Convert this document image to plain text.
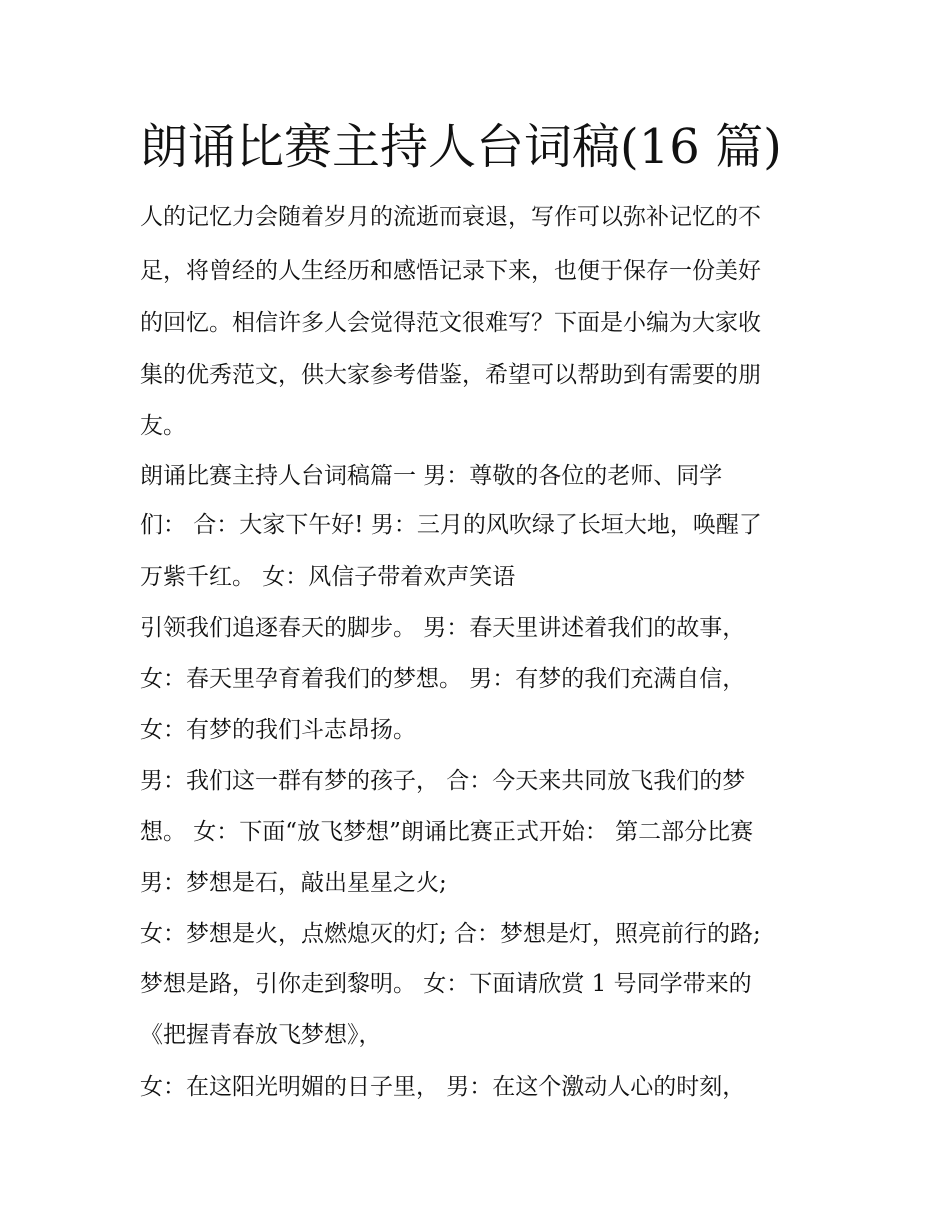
朗诵比赛主持人台词稿(16 篇)

人的记忆力会随着岁月的流逝而衰退，写作可以弥补记忆的不

足，将曾经的人生经历和感悟记录下来，也便于保存一份美好

的回忆。相信许多人会觉得范文很难写？下面是小编为大家收

集的优秀范文，供大家参考借鉴，希望可以帮助到有需要的朋

友。

朗诵比赛主持人台词稿篇一 男：尊敬的各位的老师、同学

们： 合：大家下午好! 男：三月的风吹绿了长垣大地，唤醒了

万紫千红。 女：风信子带着欢声笑语

引领我们追逐春天的脚步。 男：春天里讲述着我们的故事，

女：春天里孕育着我们的梦想。 男：有梦的我们充满自信，

女：有梦的我们斗志昂扬。

男：我们这一群有梦的孩子， 合：今天来共同放飞我们的梦

想。 女：下面“放飞梦想”朗诵比赛正式开始： 第二部分比赛

男：梦想是石，敲出星星之火;

女：梦想是火，点燃熄灭的灯; 合：梦想是灯，照亮前行的路;

梦想是路，引你走到黎明。 女：下面请欣赏 1 号同学带来的

《把握青春放飞梦想》，

女：在这阳光明媚的日子里， 男：在这个激动人心的时刻，
